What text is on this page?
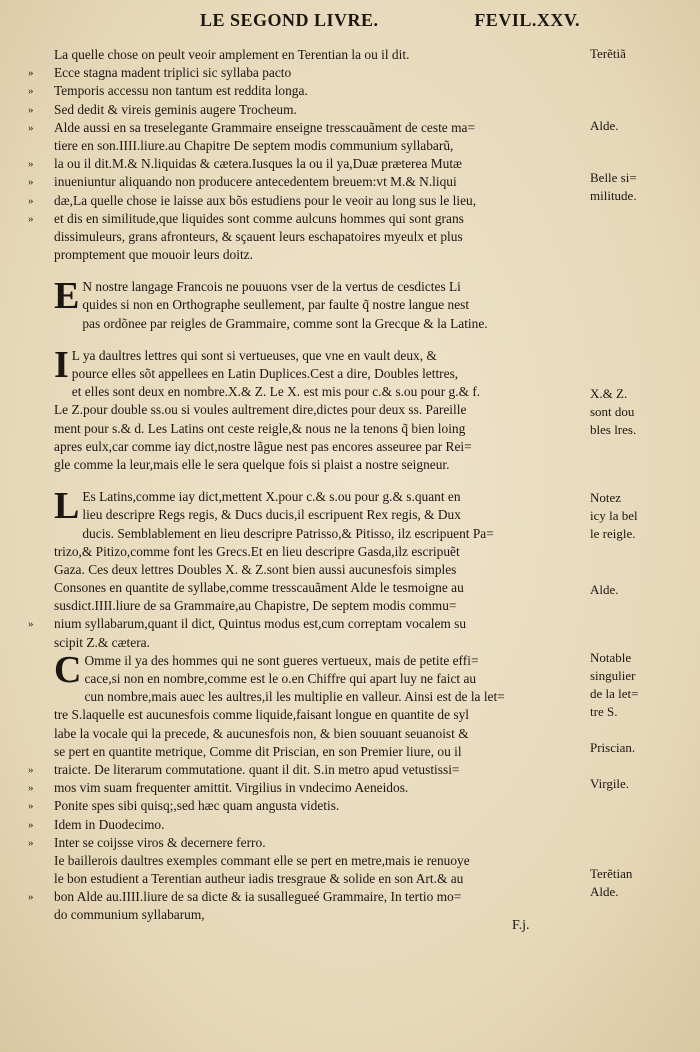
LE SEGOND LIVRE.	FEVIL.XXV.
»
»
»
»
»
»
»
»
»
»
»
»
»
»
»
La quelle chose on peult veoir amplement en Terentian la ou il dit.
Ecce stagna madent triplici sic syllaba pacto
Temporis accessu non tantum est reddita longa.
Sed dedit & vireis geminis augere Trocheum.
Alde aussi en sa treselegante Grammaire enseigne tresscauãment de ceste ma=
tiere en son.IIII.liure.au Chapitre De septem modis communium syllabarũ,
la ou il dit.M.& N.liquidas & cætera.Iusques la ou il ya,Duæ præterea Mutæ
inueniuntur aliquando non producere antecedentem breuem:vt M.& N.liqui
dæ,La quelle chose ie laisse aux bõs estudiens pour le veoir au long sus le lieu,
et dis en similitude,que liquides sont comme aulcuns hommes qui sont grans
dissimuleurs, grans afronteurs, & sçauent leurs eschapatoires myeulx et plus
promptement que mouoir leurs doitz.
E N nostre langage Francois ne pouuons vser de la vertus de cesdictes Li
quides si non en Orthographe seullement, par faulte q̃ nostre langue nest
pas ordõnee par reigles de Grammaire, comme sont la Grecque & la Latine.
I L ya daultres lettres qui sont si vertueuses, que vne en vault deux, &
pource elles sõt appellees en Latin Duplices.Cest a dire, Doubles lettres,
et elles sont deux en nombre.X.& Z. Le X. est mis pour c.& s.ou pour g.& f.
Le Z.pour double ss.ou si voules aultrement dire,dictes pour deux ss. Pareille
ment pour s.& d. Les Latins ont ceste reigle,& nous ne la tenons q̃ bien loing
apres eulx,car comme iay dict,nostre lãgue nest pas encores asseuree par Rei=
gle comme la leur,mais elle le sera quelque fois si plaist a nostre seigneur.
L Es Latins,comme iay dict,mettent X.pour c.& s.ou pour g.& s.quant en
lieu descripre Regs regis, & Ducs ducis,il escripuent Rex regis, & Dux
ducis. Semblablement en lieu descripre Patrisso,& Pitisso, ilz escripuent Pa=
trizo,& Pitizo,comme font les Grecs.Et en lieu descripre Gasda,ilz escripuẽt
Gaza. Ces deux lettres Doubles X. & Z.sont bien aussi aucunesfois simples
Consones en quantite de syllabe,comme tresscauãment Alde le tesmoigne au
susdict.IIII.liure de sa Grammaire,au Chapistre, De septem modis commu=
nium syllabarum,quant il dict, Quintus modus est,cum correptam vocalem su
scipit Z.& cætera.
C Omme il ya des hommes qui ne sont gueres vertueux, mais de petite effi=
cace,si non en nombre,comme est le o.en Chiffre qui apart luy ne faict au
cun nombre,mais auec les aultres,il les multiplie en valleur. Ainsi est de la let=
tre S.laquelle est aucunesfois comme liquide,faisant longue en quantite de syl
labe la vocale qui la precede, & aucunesfois non, & bien souuant seuanoist &
se pert en quantite metrique, Comme dit Priscian, en son Premier liure, ou il
traicte. De literarum commutatione. quant il dit. S.in metro apud vetustissi=
mos vim suam frequenter amittit. Virgilius in vndecimo Aeneidos.
Ponite spes sibi quisq;,sed hæc quam angusta videtis.
Idem in Duodecimo.
Inter se coijsse viros & decernere ferro.
Ie baillerois daultres exemples commant elle se pert en metre,mais ie renuoye
le bon estudient a Terentian autheur iadis tresgraue & solide en son Art.& au
bon Alde au.IIII.liure de sa dicte & ia susallegueé Grammaire, In tertio mo=
do communium syllabarum,
Terẽtiã
Alde.
Belle si=
militude.
X.& Z.
sont dou
bles lres.
Notez
icy la bel
le reigle.
Alde.
Notable
singulier
de la let=
tre S.
Priscian.
Virgile.
Terẽtian
Alde.
F.j.
